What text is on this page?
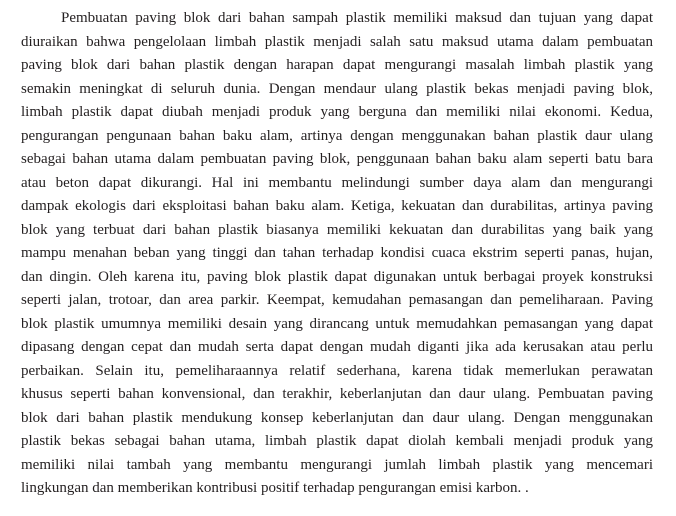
Pembuatan paving blok dari bahan sampah plastik memiliki maksud dan tujuan yang dapat
diuraikan bahwa pengelolaan limbah plastik menjadi salah satu maksud utama dalam pembuatan
paving blok dari bahan plastik dengan harapan dapat mengurangi masalah limbah plastik yang
semakin meningkat di seluruh dunia. Dengan mendaur ulang plastik bekas menjadi paving blok,
limbah plastik dapat diubah menjadi produk yang berguna dan memiliki nilai ekonomi. Kedua,
pengurangan pengunaan bahan baku alam, artinya dengan menggunakan bahan plastik daur ulang
sebagai bahan utama dalam pembuatan paving blok, penggunaan bahan baku alam seperti batu bara
atau beton dapat dikurangi. Hal ini membantu melindungi sumber daya alam dan mengurangi
dampak ekologis dari eksploitasi bahan baku alam. Ketiga, kekuatan dan durabilitas, artinya paving
blok yang terbuat dari bahan plastik biasanya memiliki kekuatan dan durabilitas yang baik yang
mampu menahan beban yang tinggi dan tahan terhadap kondisi cuaca ekstrim seperti panas, hujan,
dan dingin. Oleh karena itu, paving blok plastik dapat digunakan untuk berbagai proyek konstruksi
seperti jalan, trotoar, dan area parkir. Keempat, kemudahan pemasangan dan pemeliharaan. Paving
blok plastik umumnya memiliki desain yang dirancang untuk memudahkan pemasangan yang dapat
dipasang dengan cepat dan mudah serta dapat dengan mudah diganti jika ada kerusakan atau perlu
perbaikan. Selain itu, pemeliharaannya relatif sederhana, karena tidak memerlukan perawatan
khusus seperti bahan konvensional, dan terakhir, keberlanjutan dan daur ulang. Pembuatan paving
blok dari bahan plastik mendukung konsep keberlanjutan dan daur ulang. Dengan menggunakan
plastik bekas sebagai bahan utama, limbah plastik dapat diolah kembali menjadi produk yang
memiliki nilai tambah yang membantu mengurangi jumlah limbah plastik yang mencemari
lingkungan dan memberikan kontribusi positif terhadap pengurangan emisi karbon. .
